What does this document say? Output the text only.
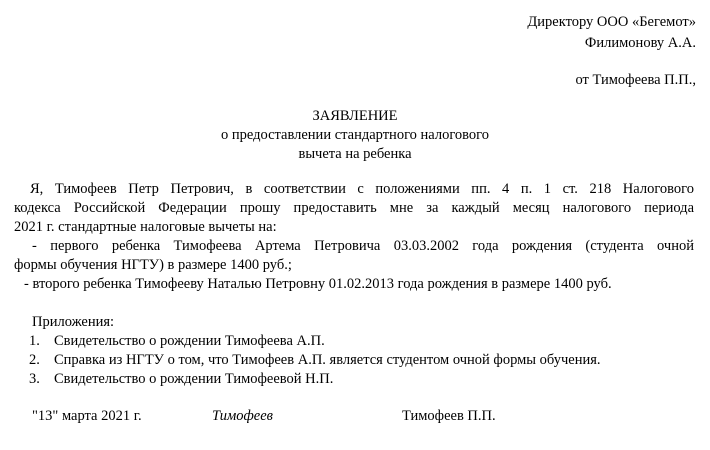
Директору ООО «Бегемот»
Филимонову А.А.
от Тимофеева П.П.,
ЗАЯВЛЕНИЕ
о предоставлении стандартного налогового
вычета на ребенка
Я, Тимофеев Петр Петрович, в соответствии с положениями пп. 4 п. 1 ст. 218 Налогового
кодекса Российской Федерации прошу предоставить мне за каждый месяц налогового периода
2021 г. стандартные налоговые вычеты на:
- первого ребенка Тимофеева Артема Петровича 03.03.2002 года рождения (студента очной
формы обучения НГТУ) в размере 1400 руб.;
- второго ребенка Тимофееву Наталью Петровну 01.02.2013 года рождения в размере 1400 руб.
Приложения:
1. Свидетельство о рождении Тимофеева А.П.
2. Справка из НГТУ о том, что Тимофеев А.П. является студентом очной формы обучения.
3. Свидетельство о рождении Тимофеевой Н.П.
"13" марта 2021 г.	Тимофеев	Тимофеев П.П.
